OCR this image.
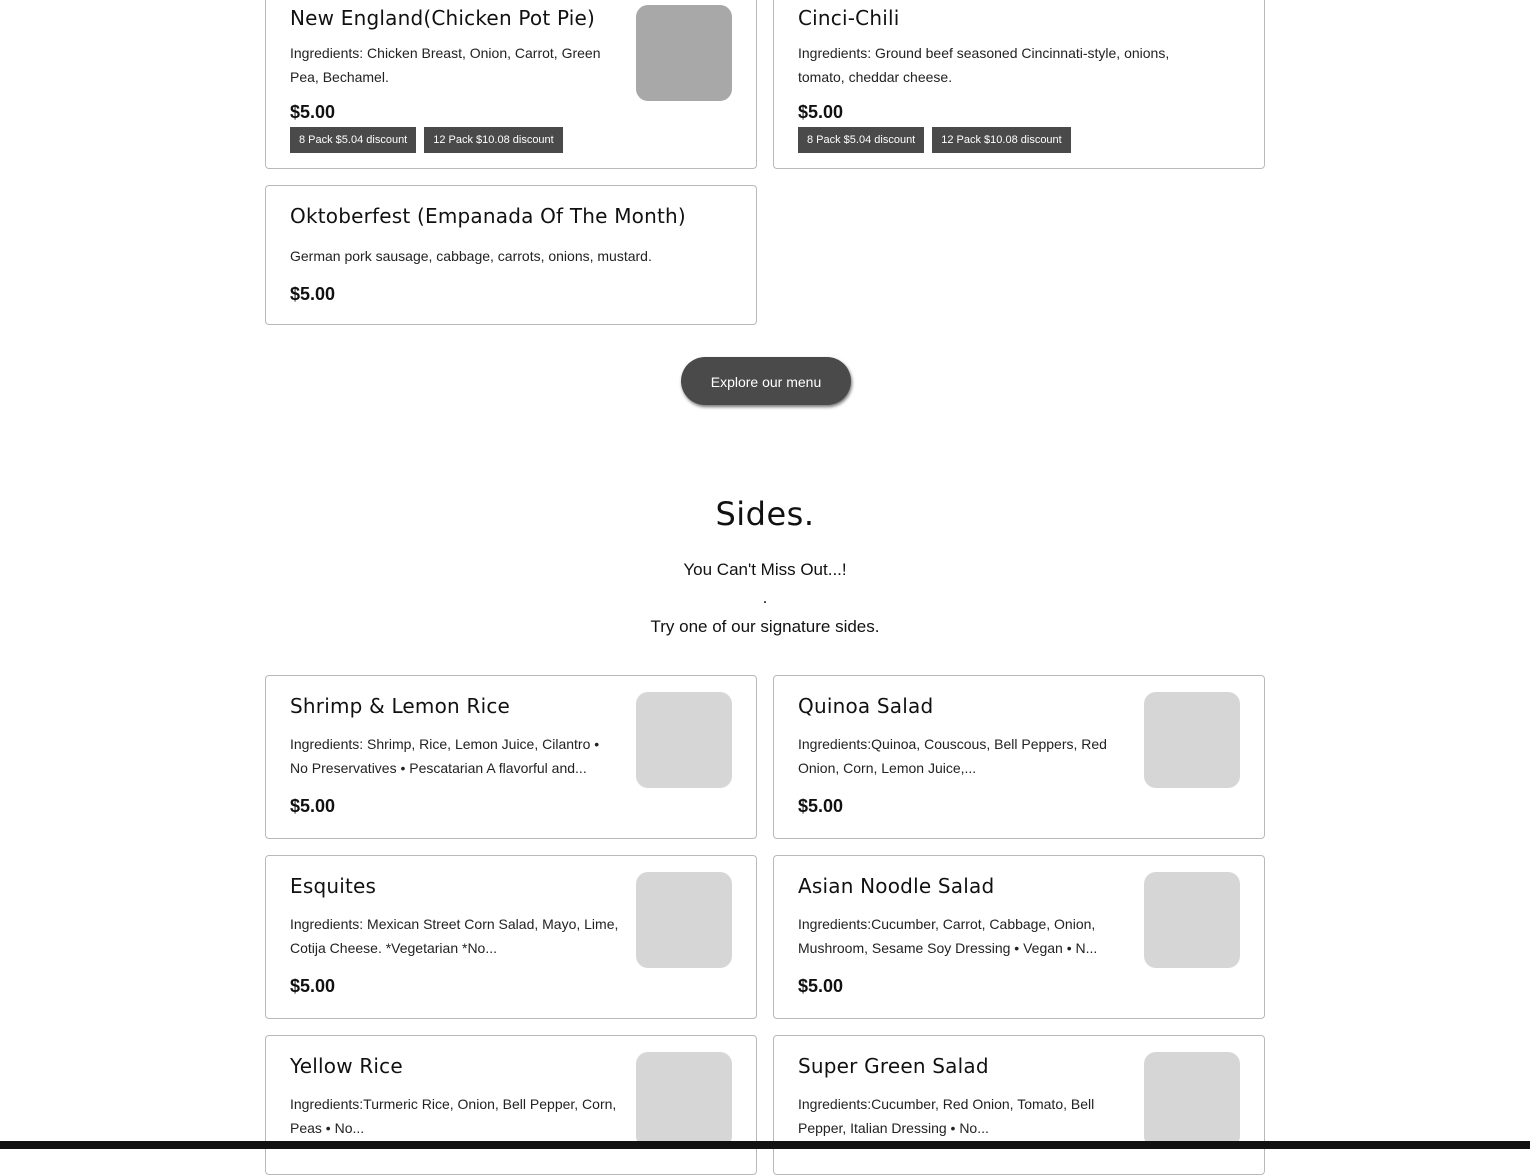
New England(Chicken Pot Pie)
Ingredients: Chicken Breast, Onion, Carrot, Green Pea, Bechamel.
$5.00
8 Pack $5.04 discount	12 Pack $10.08 discount
Cinci-Chili
Ingredients: Ground beef seasoned Cincinnati-style, onions, tomato, cheddar cheese.
$5.00
8 Pack $5.04 discount	12 Pack $10.08 discount
Oktoberfest (Empanada Of The Month)
German pork sausage, cabbage, carrots, onions, mustard.
$5.00
Explore our menu
Sides.
You Can't Miss Out...!
.
Try one of our signature sides.
Shrimp & Lemon Rice
Ingredients: Shrimp, Rice, Lemon Juice, Cilantro • No Preservatives • Pescatarian A flavorful and...
$5.00
Quinoa Salad
Ingredients:Quinoa, Couscous, Bell Peppers, Red Onion, Corn, Lemon Juice,...
$5.00
Esquites
Ingredients: Mexican Street Corn Salad, Mayo, Lime, Cotija Cheese. *Vegetarian *No...
$5.00
Asian Noodle Salad
Ingredients:Cucumber, Carrot, Cabbage, Onion, Mushroom, Sesame Soy Dressing • Vegan • N...
$5.00
Yellow Rice
Ingredients:Turmeric Rice, Onion, Bell Pepper, Corn, Peas • No...
Super Green Salad
Ingredients:Cucumber, Red Onion, Tomato, Bell Pepper, Italian Dressing • No...
